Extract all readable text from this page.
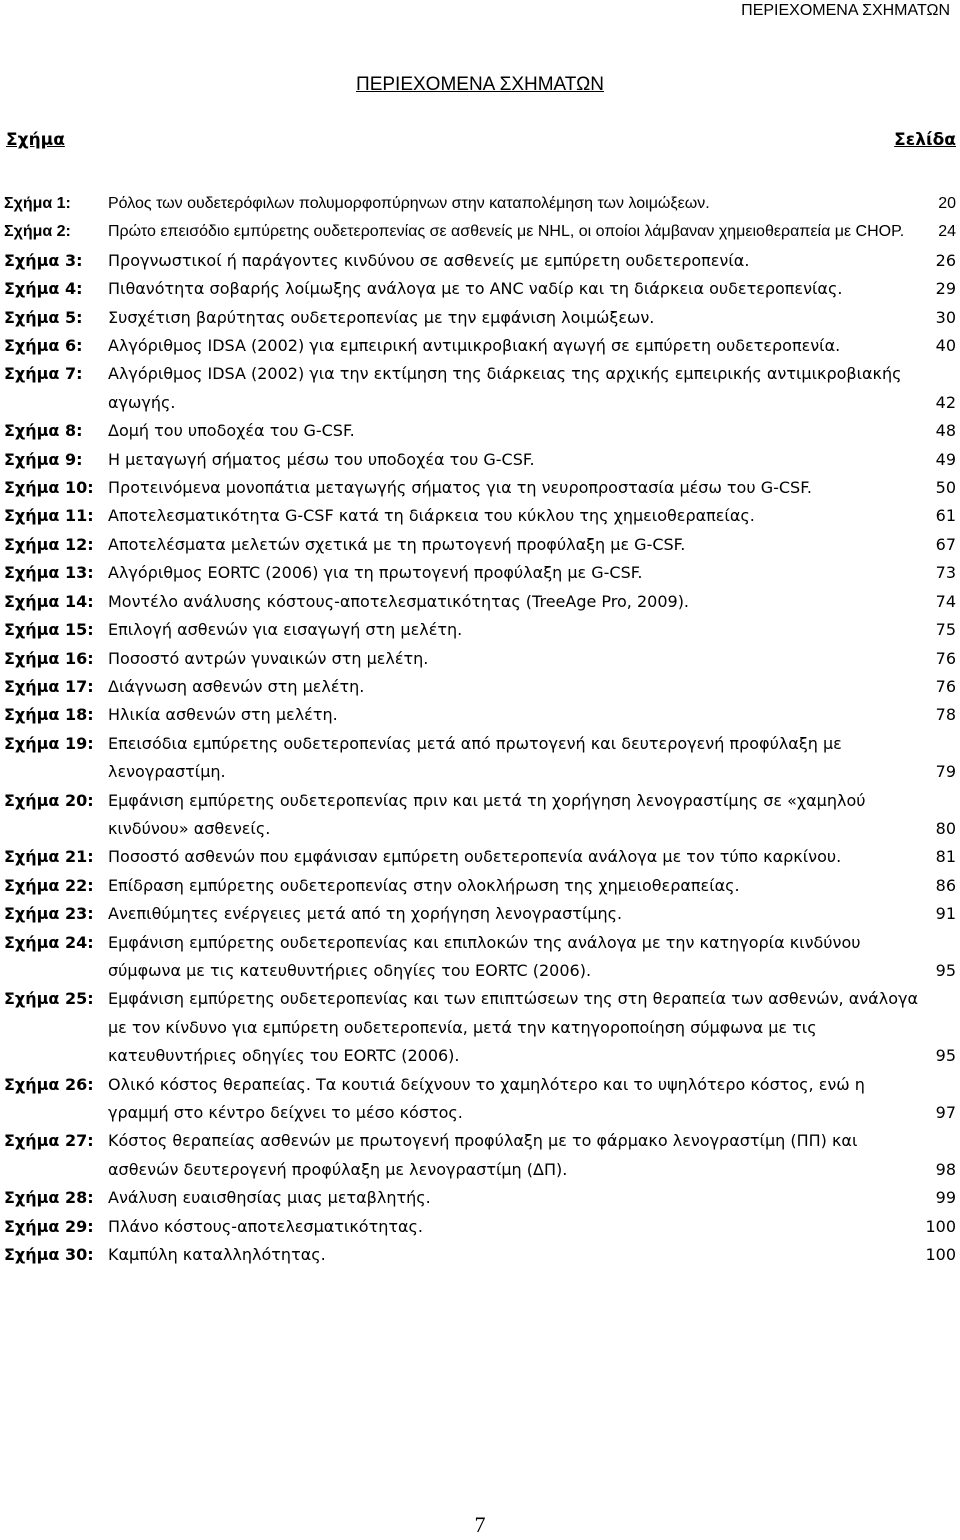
ΠΕΡΙΕΧΟΜΕΝΑ ΣΧΗΜΑΤΩΝ
ΠΕΡΙΕΧΟΜΕΝΑ ΣΧΗΜΑΤΩΝ
Σχήμα	Σελίδα
Σχήμα 1: Ρόλος των ουδετερόφιλων πολυμορφοπύρηνων στην καταπολέμηση των λοιμώξεων.	20
Σχήμα 2: Πρώτο επεισόδιο εμπύρετης ουδετεροπενίας σε ασθενείς με NHL, οι οποίοι λάμβαναν χημειοθεραπεία με CHOP.	24
Σχήμα 3: Προγνωστικοί ή παράγοντες κινδύνου σε ασθενείς με εμπύρετη ουδετεροπενία.	26
Σχήμα 4: Πιθανότητα σοβαρής λοίμωξης ανάλογα με το ANC ναδίρ και τη διάρκεια ουδετεροπενίας.	29
Σχήμα 5: Συσχέτιση βαρύτητας ουδετεροπενίας με την εμφάνιση λοιμώξεων.	30
Σχήμα 6: Αλγόριθμος IDSA (2002) για εμπειρική αντιμικροβιακή αγωγή σε εμπύρετη ουδετεροπενία.	40
Σχήμα 7: Αλγόριθμος IDSA (2002) για την εκτίμηση της διάρκειας της αρχικής εμπειρικής αντιμικροβιακής αγωγής.	42
Σχήμα 8: Δομή του υποδοχέα του G-CSF.	48
Σχήμα 9: Η μεταγωγή σήματος μέσω του υποδοχέα του G-CSF.	49
Σχήμα 10: Προτεινόμενα μονοπάτια μεταγωγής σήματος για τη νευροπροστασία μέσω του G-CSF.	50
Σχήμα 11: Αποτελεσματικότητα G-CSF κατά τη διάρκεια του κύκλου της χημειοθεραπείας.	61
Σχήμα 12: Αποτελέσματα μελετών σχετικά με τη πρωτογενή προφύλαξη με G-CSF.	67
Σχήμα 13: Αλγόριθμος EORTC (2006) για τη πρωτογενή προφύλαξη με G-CSF.	73
Σχήμα 14: Μοντέλο ανάλυσης κόστους-αποτελεσματικότητας (TreeAge Pro, 2009).	74
Σχήμα 15: Επιλογή ασθενών για εισαγωγή στη μελέτη.	75
Σχήμα 16: Ποσοστό αντρών γυναικών στη μελέτη.	76
Σχήμα 17: Διάγνωση ασθενών στη μελέτη.	76
Σχήμα 18: Ηλικία ασθενών στη μελέτη.	78
Σχήμα 19: Επεισόδια εμπύρετης ουδετεροπενίας μετά από πρωτογενή και δευτερογενή προφύλαξη με λενογραστίμη.	79
Σχήμα 20: Εμφάνιση εμπύρετης ουδετεροπενίας πριν και μετά τη χορήγηση λενογραστίμης σε «χαμηλού κινδύνου» ασθενείς.	80
Σχήμα 21: Ποσοστό ασθενών που εμφάνισαν εμπύρετη ουδετεροπενία ανάλογα με τον τύπο καρκίνου.	81
Σχήμα 22: Επίδραση εμπύρετης ουδετεροπενίας στην ολοκλήρωση της χημειοθεραπείας.	86
Σχήμα 23: Ανεπιθύμητες ενέργειες μετά από τη χορήγηση λενογραστίμης.	91
Σχήμα 24: Εμφάνιση εμπύρετης ουδετεροπενίας και επιπλοκών της ανάλογα με την κατηγορία κινδύνου σύμφωνα με τις κατευθυντήριες οδηγίες του EORTC (2006).	95
Σχήμα 25: Εμφάνιση εμπύρετης ουδετεροπενίας και των επιπτώσεων της στη θεραπεία των ασθενών, ανάλογα με τον κίνδυνο για εμπύρετη ουδετεροπενία, μετά την κατηγοροποίηση σύμφωνα με τις κατευθυντήριες οδηγίες του EORTC (2006).	95
Σχήμα 26: Ολικό κόστος θεραπείας. Τα κουτιά δείχνουν το χαμηλότερο και το υψηλότερο κόστος, ενώ η γραμμή στο κέντρο δείχνει το μέσο κόστος.	97
Σχήμα 27: Κόστος θεραπείας ασθενών με πρωτογενή προφύλαξη με το φάρμακο λενογραστίμη (ΠΠ) και ασθενών δευτερογενή προφύλαξη με λενογραστίμη (ΔΠ).	98
Σχήμα 28: Ανάλυση ευαισθησίας μιας μεταβλητής.	99
Σχήμα 29: Πλάνο κόστους-αποτελεσματικότητας.	100
Σχήμα 30: Καμπύλη καταλληλότητας.	100
7
